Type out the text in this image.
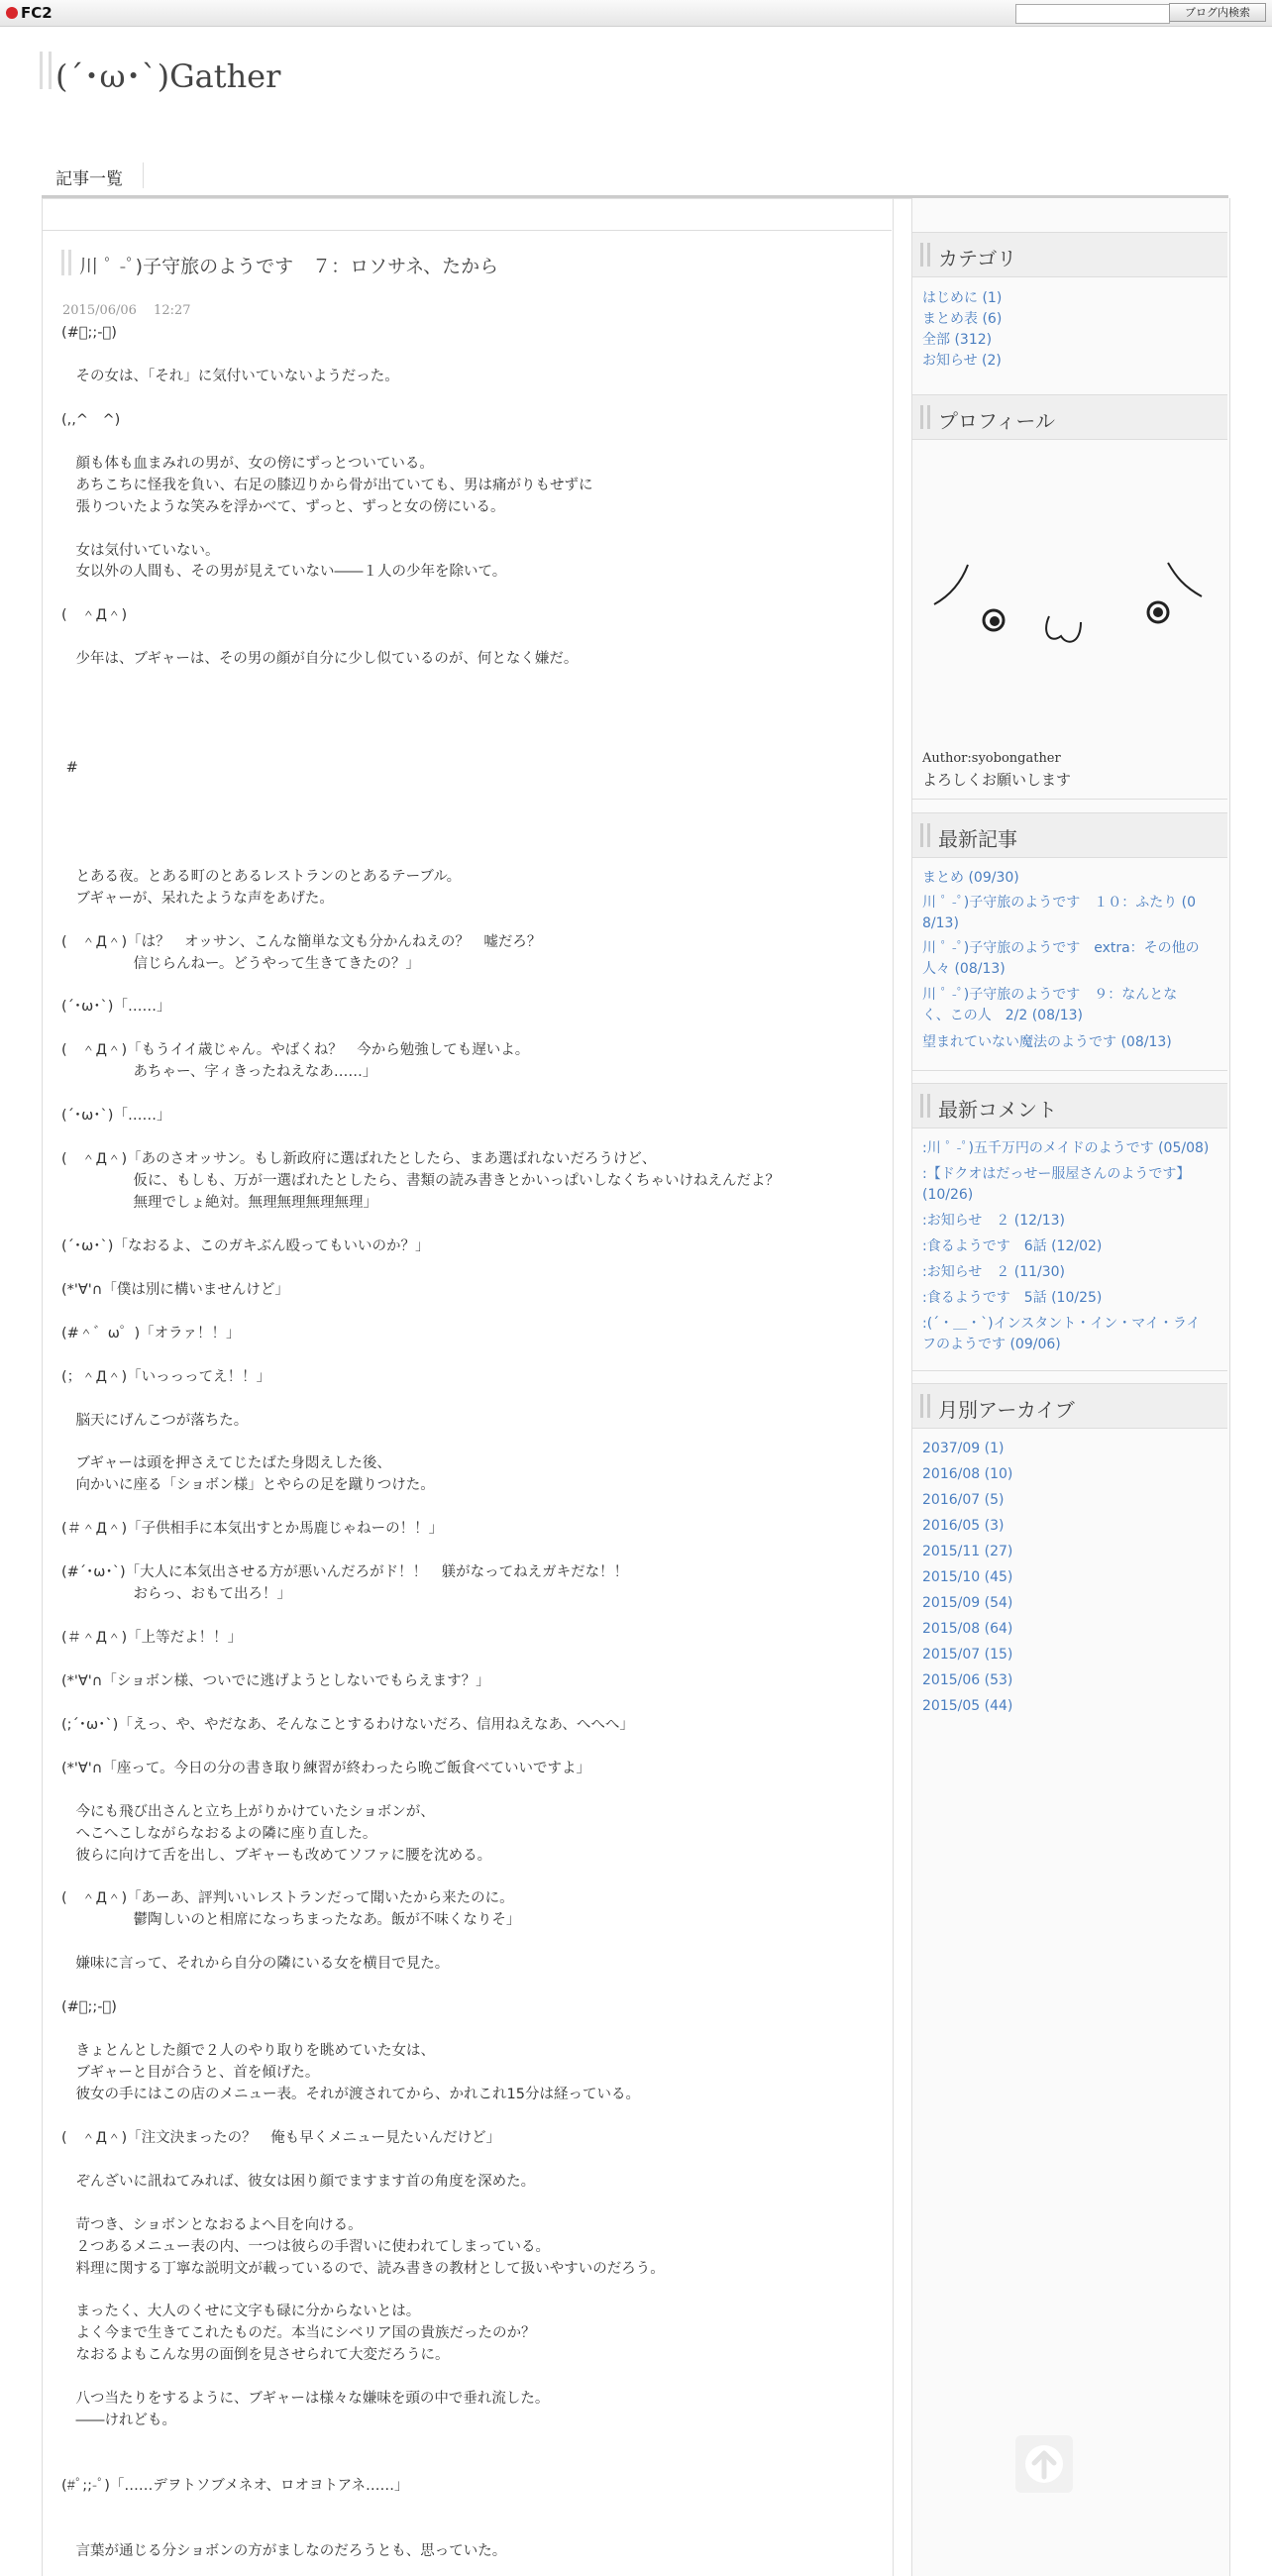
FC2	ブログ内検索
(´･ω･`)Gather
記事一覧
川 ﾟ -ﾟ)子守旅のようです　７：ロソサネ、たから
2015/06/06　 12:27
(#ﾟ;;-ﾟ)
　その女は、「それ」に気付いていないようだった。
(,,^　^)
　顔も体も血まみれの男が、女の傍にずっとついている。
　あちこちに怪我を負い、右足の膝辺りから骨が出ていても、男は痛がりもせずに
　張りついたような笑みを浮かべて、ずっと、ずっと女の傍にいる。
　女は気付いていない。
　女以外の人間も、その男が見えていない――１人の少年を除いて。
(　＾Д＾)
　少年は、ブギャーは、その男の顔が自分に少し似ているのが、何となく嫌だ。
#
　とある夜。とある町のとあるレストランのとあるテーブル。
　ブギャーが、呆れたような声をあげた。
(　＾Д＾)「は？　オッサン、こんな簡単な文も分かんねえの？　嘘だろ？
　　　　　信じらんねー。どうやって生きてきたの？」
(´･ω･`)「……」
(　＾Д＾)「もうイイ歳じゃん。やばくね？　今から勉強しても遅いよ。
　　　　　あちゃー、字ィきったねえなあ……」
(´･ω･`)「……」
(　＾Д＾)「あのさオッサン。もし新政府に選ばれたとしたら、まあ選ばれないだろうけど、
　　　　　仮に、もしも、万が一選ばれたとしたら、書類の読み書きとかいっぱいしなくちゃいけねえんだよ？
　　　　　無理でしょ絶対。無理無理無理無理」
(´･ω･`)「なおるよ、このガキぶん殴ってもいいのか？」
(*'∀'∩「僕は別に構いませんけど」
(#＾゛ω゜)「オラァ！！」
(；＾Д＾)「いっっってえ！！」
　脳天にげんこつが落ちた。
　ブギャーは頭を押さえてじたばた身悶えした後、
　向かいに座る「ショボン様」とやらの足を蹴りつけた。
(＃＾Д＾)「子供相手に本気出すとか馬鹿じゃねーの！！」
(#´･ω･`)「大人に本気出させる方が悪いんだろがド！！　躾がなってねえガキだな！！
　　　　　おらっ、おもて出ろ！」
(＃＾Д＾)「上等だよ！！」
(*'∀'∩「ショボン様、ついでに逃げようとしないでもらえます？」
(;´･ω･`)「えっ、や、やだなあ、そんなことするわけないだろ、信用ねえなあ、へへへ」
(*'∀'∩「座って。今日の分の書き取り練習が終わったら晩ご飯食べていいですよ」
　今にも飛び出さんと立ち上がりかけていたショボンが、
　へこへこしながらなおるよの隣に座り直した。
　彼らに向けて舌を出し、ブギャーも改めてソファに腰を沈める。
(　＾Д＾)「あーあ、評判いいレストランだって聞いたから来たのに。
　　　　　鬱陶しいのと相席になっちまったなあ。飯が不味くなりそ」
　嫌味に言って、それから自分の隣にいる女を横目で見た。
(#ﾟ;;-ﾟ)
　きょとんとした顔で２人のやり取りを眺めていた女は、
　ブギャーと目が合うと、首を傾げた。
　彼女の手にはこの店のメニュー表。それが渡されてから、かれこれ15分は経っている。
(　＾Д＾)「注文決まったの？　俺も早くメニュー見たいんだけど」
　ぞんざいに訊ねてみれば、彼女は困り顔でますます首の角度を深めた。
　苛つき、ショボンとなおるよへ目を向ける。
　２つあるメニュー表の内、一つは彼らの手習いに使われてしまっている。
　料理に関する丁寧な説明文が載っているので、読み書きの教材として扱いやすいのだろう。
　まったく、大人のくせに文字も碌に分からないとは。
　よく今まで生きてこれたものだ。本当にシベリア国の貴族だったのか？
　なおるよもこんな男の面倒を見させられて大変だろうに。
　八つ当たりをするように、ブギャーは様々な嫌味を頭の中で垂れ流した。
　――けれども。
(#ﾟ;;-ﾟ)「……デヲトソブメネオ、ロオヨトアネ……」
　言葉が通じる分ショボンの方がましなのだろうとも、思っていた。
カテゴリ
はじめに (1)
まとめ表 (6)
全部 (312)
お知らせ (2)
プロフィール
Author:syobongather
よろしくお願いします
最新記事
まとめ (09/30)
川 ﾟ -ﾟ)子守旅のようです　１０：ふたり (0
8/13)
川 ﾟ -ﾟ)子守旅のようです　extra：その他の
人々 (08/13)
川 ﾟ -ﾟ)子守旅のようです　９：なんとな
く、この人　2/2 (08/13)
望まれていない魔法のようです (08/13)
最新コメント
:川 ﾟ -ﾟ)五千万円のメイドのようです (05/08)
:【ドクオはだっせー服屋さんのようです】
(10/26)
:お知らせ　２ (12/13)
:食るようです　6話 (12/02)
:お知らせ　２ (11/30)
:食るようです　5話 (10/25)
:(´・＿・`)インスタント・イン・マイ・ライ
フのようです (09/06)
月別アーカイブ
2037/09 (1)
2016/08 (10)
2016/07 (5)
2016/05 (3)
2015/11 (27)
2015/10 (45)
2015/09 (54)
2015/08 (64)
2015/07 (15)
2015/06 (53)
2015/05 (44)
